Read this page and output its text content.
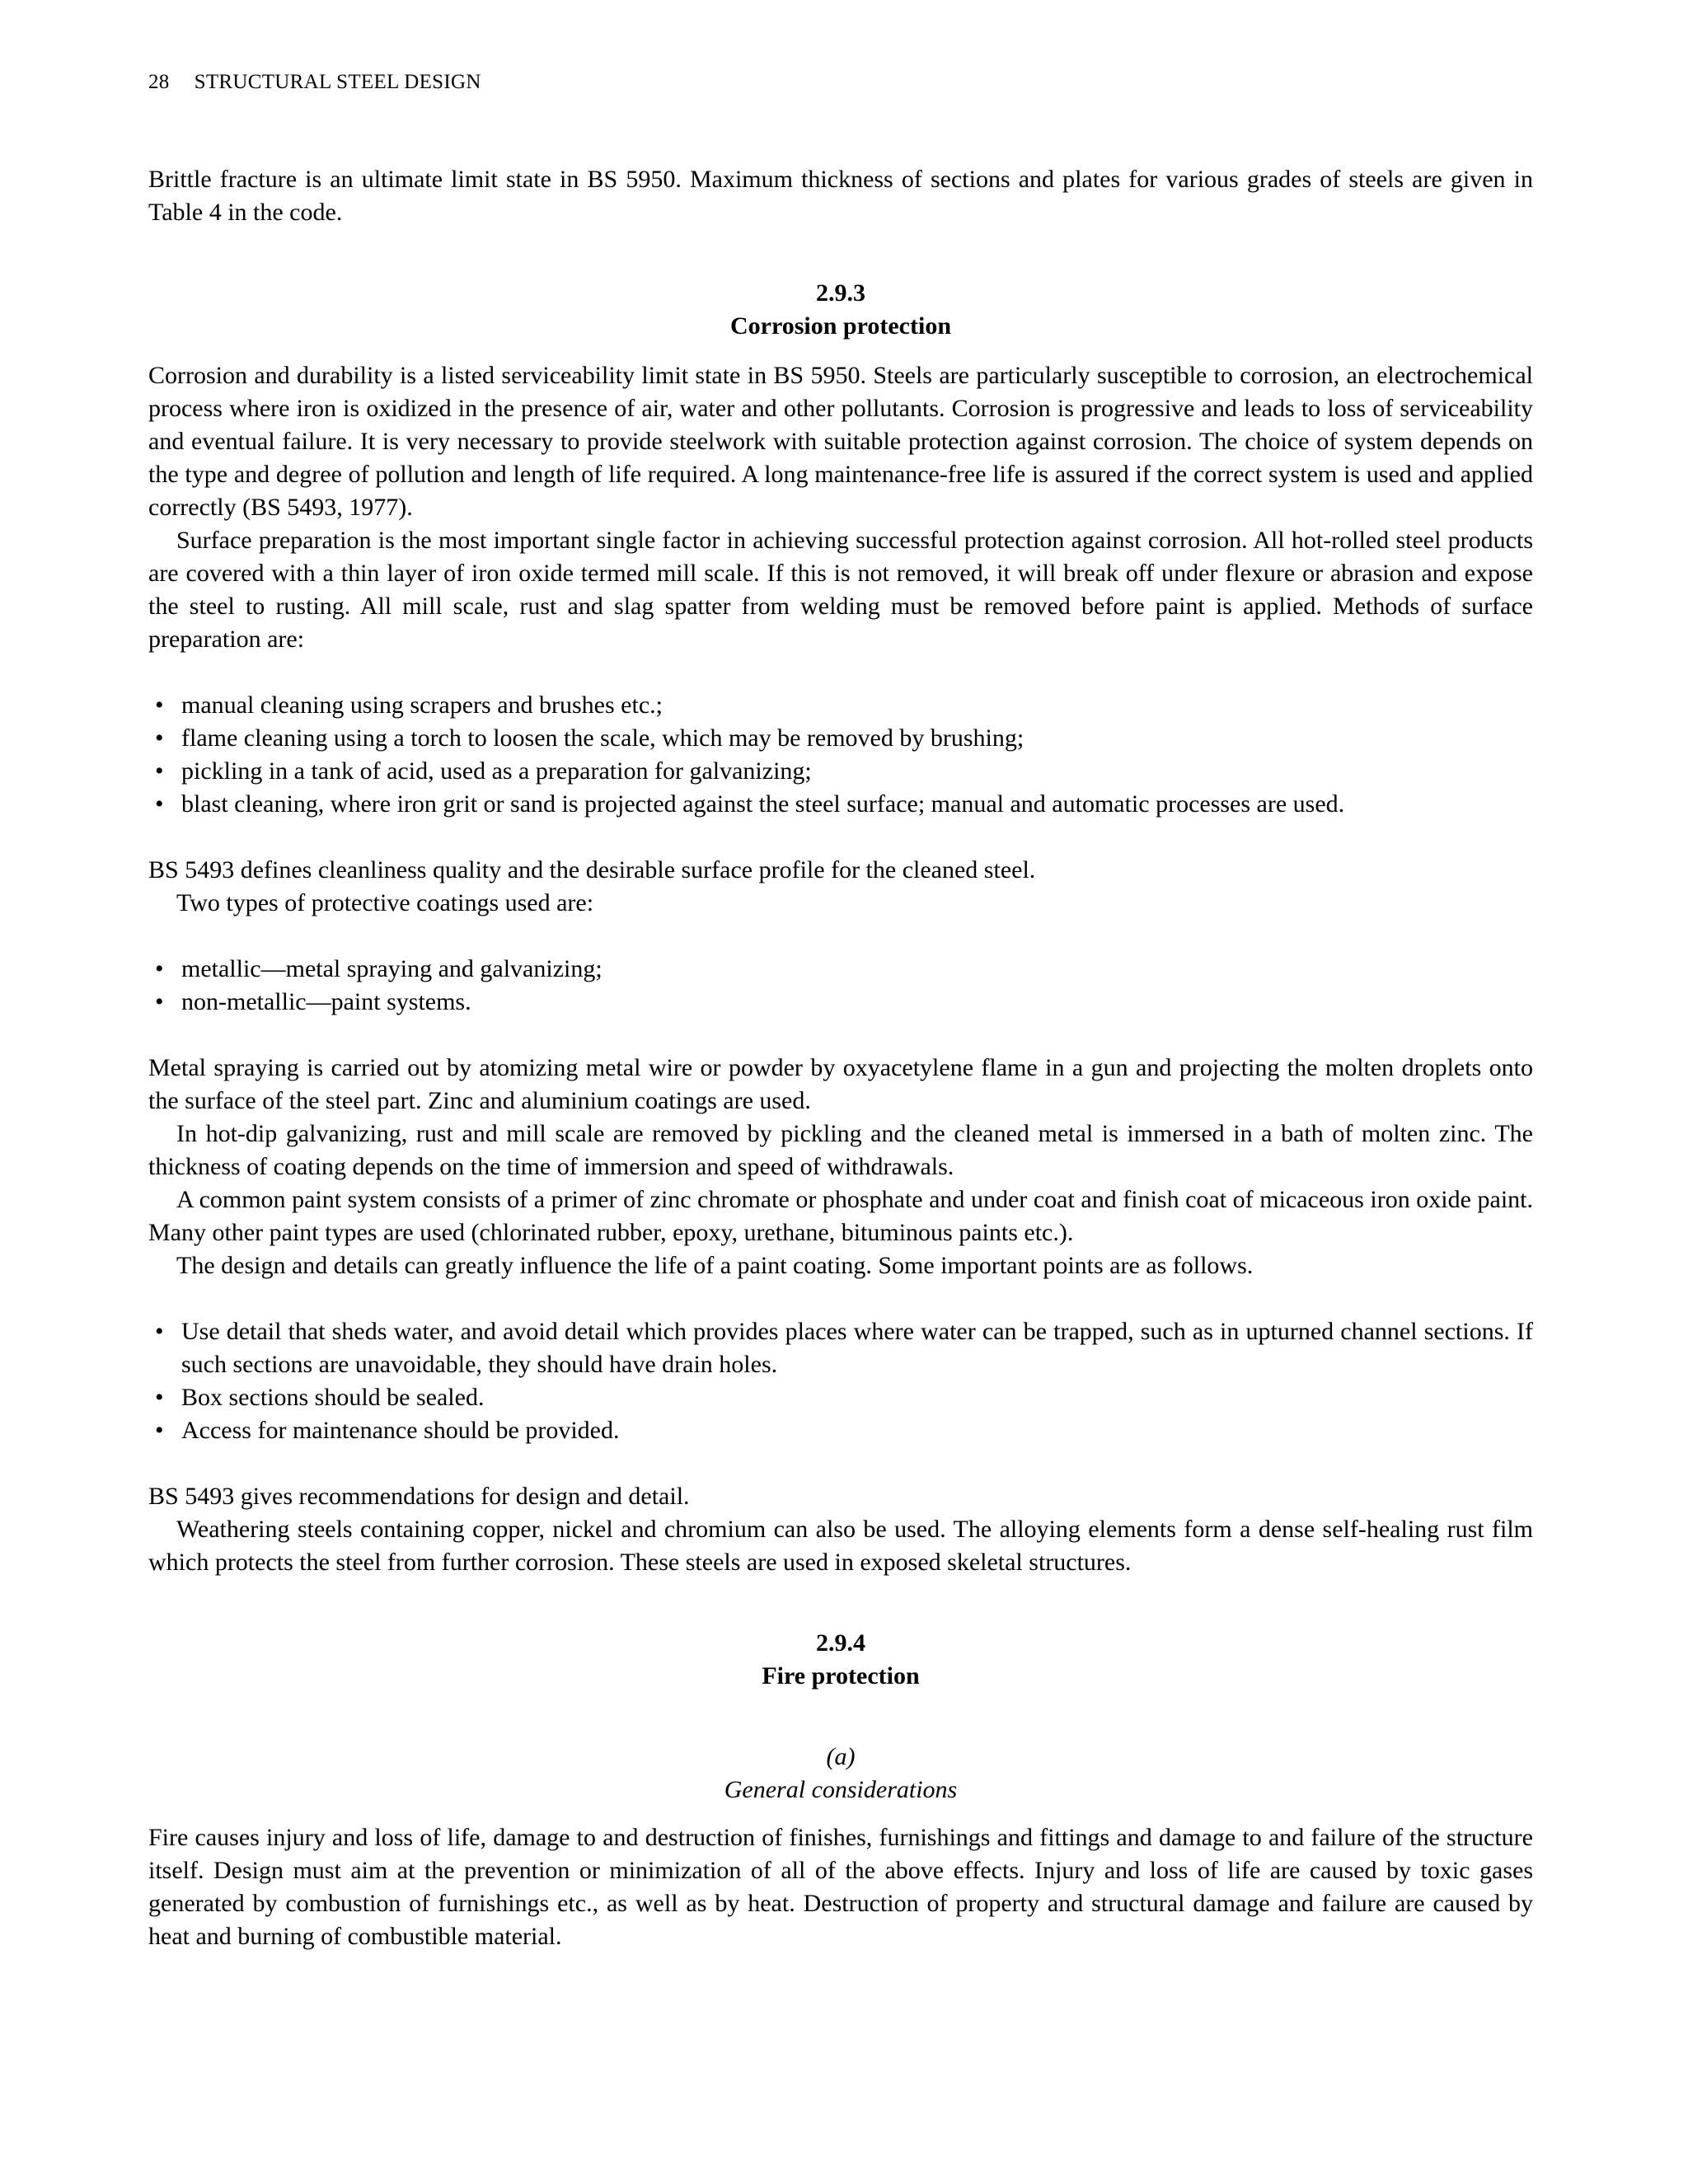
28 STRUCTURAL STEEL DESIGN

Brittle fracture is an ultimate limit state in BS 5950. Maximum thickness of sections and plates for various grades of steels are given in Table 4 in the code.

2.9.3
Corrosion protection

Corrosion and durability is a listed serviceability limit state in BS 5950. Steels are particularly susceptible to corrosion, an electrochemical process where iron is oxidized in the presence of air, water and other pollutants. Corrosion is progressive and leads to loss of serviceability and eventual failure. It is very necessary to provide steelwork with suitable protection against corrosion. The choice of system depends on the type and degree of pollution and length of life required. A long maintenance-free life is assured if the correct system is used and applied correctly (BS 5493, 1977).

Surface preparation is the most important single factor in achieving successful protection against corrosion. All hot-rolled steel products are covered with a thin layer of iron oxide termed mill scale. If this is not removed, it will break off under flexure or abrasion and expose the steel to rusting. All mill scale, rust and slag spatter from welding must be removed before paint is applied. Methods of surface preparation are:

• manual cleaning using scrapers and brushes etc.;
• flame cleaning using a torch to loosen the scale, which may be removed by brushing;
• pickling in a tank of acid, used as a preparation for galvanizing;
• blast cleaning, where iron grit or sand is projected against the steel surface; manual and automatic processes are used.

BS 5493 defines cleanliness quality and the desirable surface profile for the cleaned steel.

Two types of protective coatings used are:

• metallic—metal spraying and galvanizing;
• non-metallic—paint systems.

Metal spraying is carried out by atomizing metal wire or powder by oxyacetylene flame in a gun and projecting the molten droplets onto the surface of the steel part. Zinc and aluminium coatings are used.

In hot-dip galvanizing, rust and mill scale are removed by pickling and the cleaned metal is immersed in a bath of molten zinc. The thickness of coating depends on the time of immersion and speed of withdrawals.

A common paint system consists of a primer of zinc chromate or phosphate and under coat and finish coat of micaceous iron oxide paint. Many other paint types are used (chlorinated rubber, epoxy, urethane, bituminous paints etc.).

The design and details can greatly influence the life of a paint coating. Some important points are as follows.

• Use detail that sheds water, and avoid detail which provides places where water can be trapped, such as in upturned channel sections. If such sections are unavoidable, they should have drain holes.
• Box sections should be sealed.
• Access for maintenance should be provided.

BS 5493 gives recommendations for design and detail.

Weathering steels containing copper, nickel and chromium can also be used. The alloying elements form a dense self-healing rust film which protects the steel from further corrosion. These steels are used in exposed skeletal structures.

2.9.4
Fire protection
(a)
General considerations

Fire causes injury and loss of life, damage to and destruction of finishes, furnishings and fittings and damage to and failure of the structure itself. Design must aim at the prevention or minimization of all of the above effects. Injury and loss of life are caused by toxic gases generated by combustion of furnishings etc., as well as by heat. Destruction of property and structural damage and failure are caused by heat and burning of combustible material.
